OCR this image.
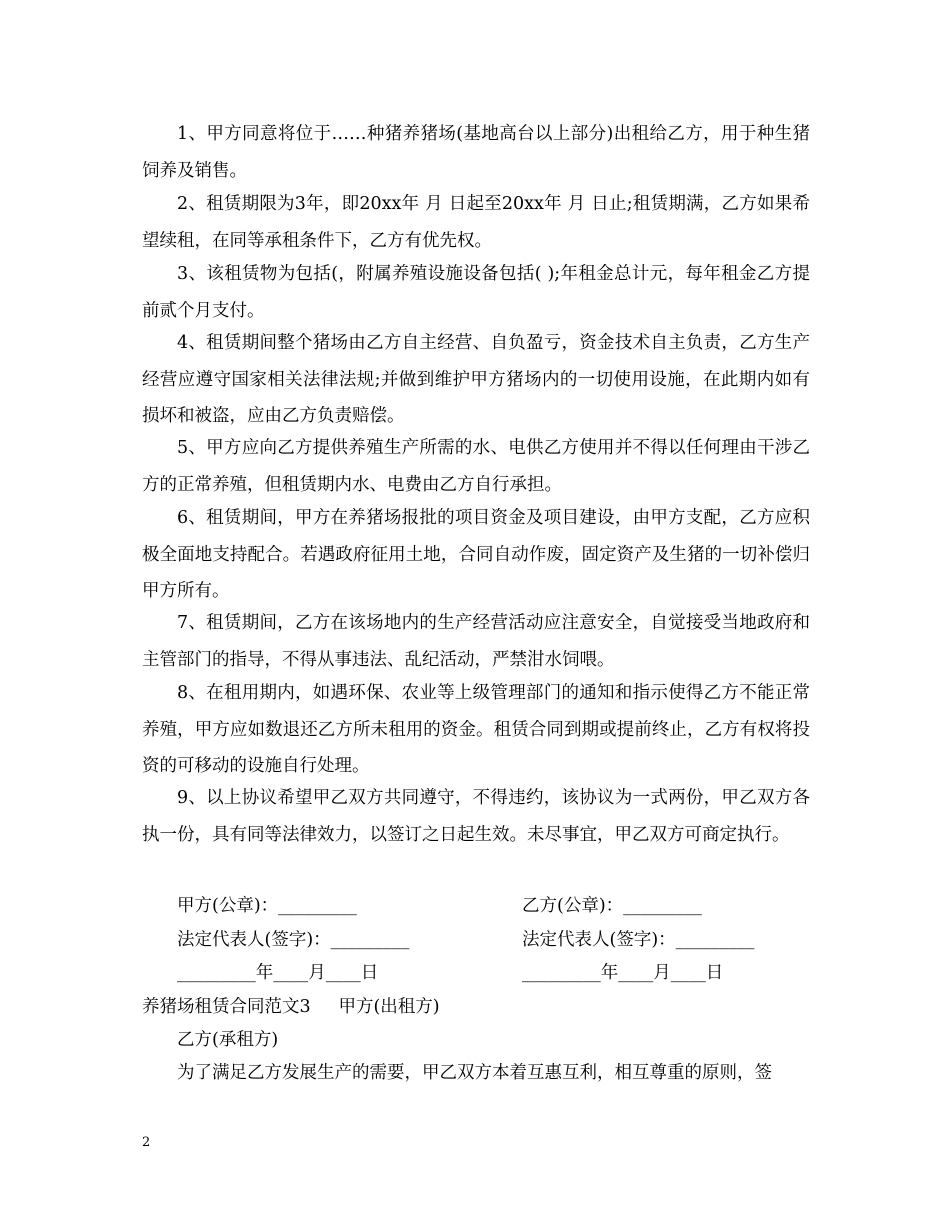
1、甲方同意将位于……种猪养猪场(基地高台以上部分)出租给乙方，用于种生猪饲养及销售。

2、租赁期限为3年，即20xx年 月 日起至20xx年 月 日止;租赁期满，乙方如果希望续租，在同等承租条件下，乙方有优先权。

3、该租赁物为包括(，附属养殖设施设备包括( );年租金总计元，每年租金乙方提前贰个月支付。

4、租赁期间整个猪场由乙方自主经营、自负盈亏，资金技术自主负责，乙方生产经营应遵守国家相关法律法规;并做到维护甲方猪场内的一切使用设施，在此期内如有损坏和被盗，应由乙方负责赔偿。

5、甲方应向乙方提供养殖生产所需的水、电供乙方使用并不得以任何理由干涉乙方的正常养殖，但租赁期内水、电费由乙方自行承担。

6、租赁期间，甲方在养猪场报批的项目资金及项目建设，由甲方支配，乙方应积极全面地支持配合。若遇政府征用土地，合同自动作废，固定资产及生猪的一切补偿归甲方所有。

7、租赁期间，乙方在该场地内的生产经营活动应注意安全，自觉接受当地政府和主管部门的指导，不得从事违法、乱纪活动，严禁泔水饲喂。

8、在租用期内，如遇环保、农业等上级管理部门的通知和指示使得乙方不能正常养殖，甲方应如数退还乙方所未租用的资金。租赁合同到期或提前终止，乙方有权将投资的可移动的设施自行处理。

9、以上协议希望甲乙双方共同遵守，不得违约，该协议为一式两份，甲乙双方各执一份，具有同等法律效力，以签订之日起生效。未尽事宜，甲乙双方可商定执行。

甲方(公章)：_________	乙方(公章)：_________
法定代表人(签字)：_________	法定代表人(签字)：_________
_________年____月____日	_________年____月____日
养猪场租赁合同范文3     甲方(出租方)
乙方(承租方)
为了满足乙方发展生产的需要，甲乙双方本着互惠互利，相互尊重的原则，签
2
